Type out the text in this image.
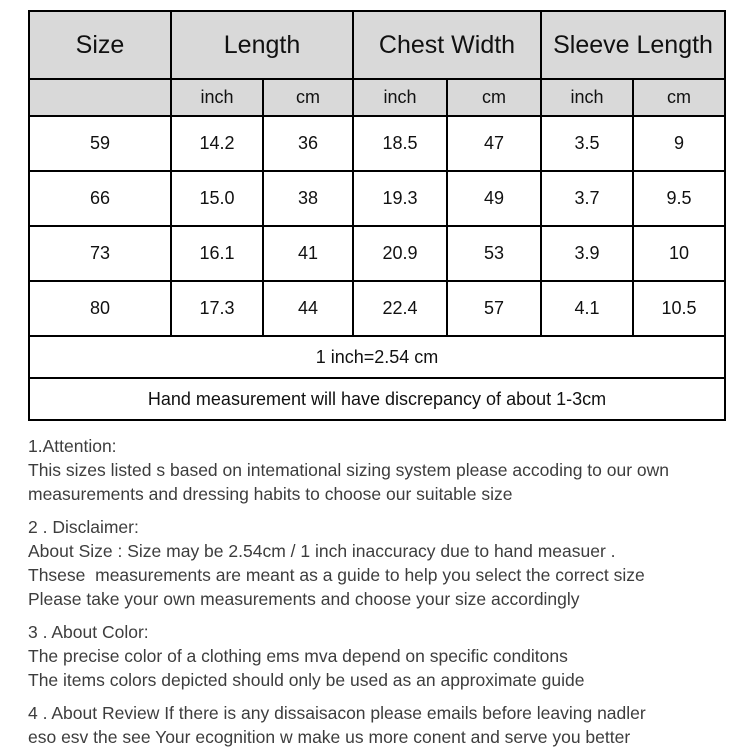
Size	Length		Chest Width		Sleeve Length	
	inch	cm	inch	cm	inch	cm
59	14.2	36	18.5	47	3.5	9
66	15.0	38	19.3	49	3.7	9.5
73	16.1	41	20.9	53	3.9	10
80	17.3	44	22.4	57	4.1	10.5
1 inch=2.54 cm						
Hand measurement will have discrepancy of about 1-3cm						
1.Attention:
This sizes listed s based on intemational sizing system please accoding to our own
measurements and dressing habits to choose our suitable size
2 . Disclaimer:
About Size : Size may be 2.54cm / 1 inch inaccuracy due to hand measuer .
Thsese  measurements are meant as a guide to help you select the correct size
Please take your own measurements and choose your size accordingly
3 . About Color:
The precise color of a clothing ems mva depend on specific conditons
The items colors depicted should only be used as an approximate guide
4 . About Review If there is any dissaisacon please emails before leaving nadler
eso esv the see Your ecognition w make us more conent and serve you better
